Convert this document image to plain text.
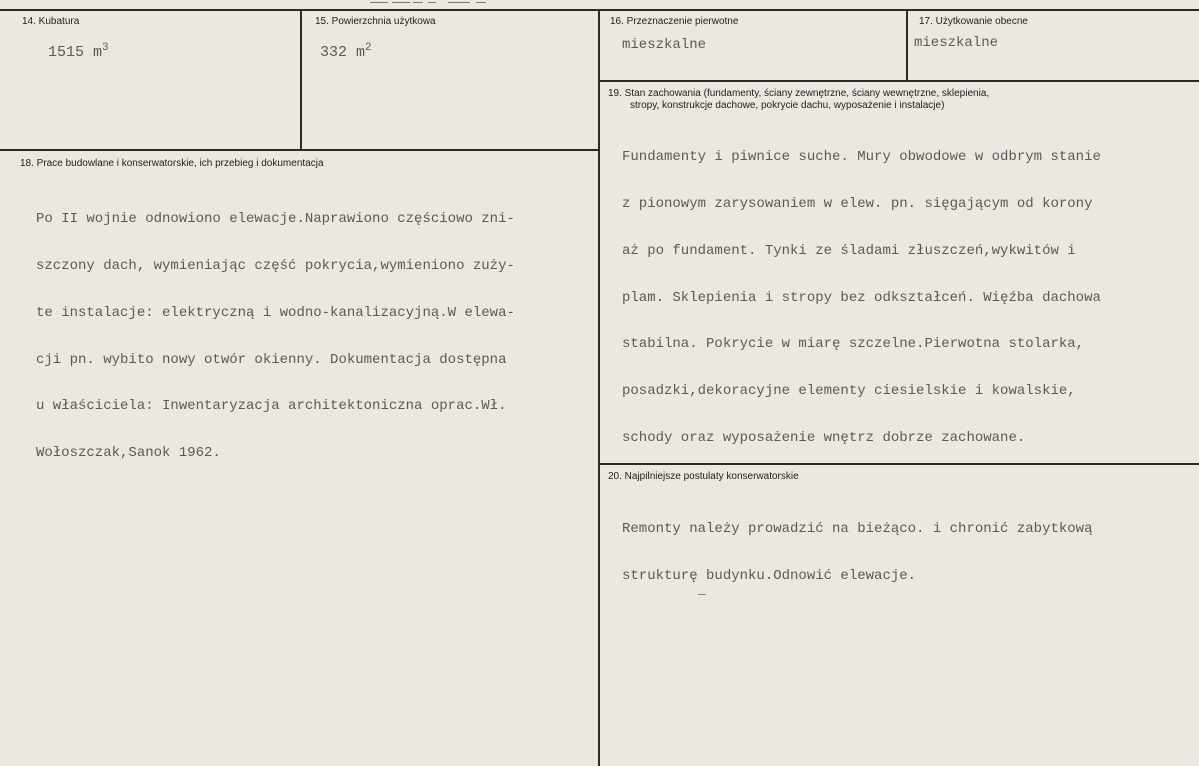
14. Kubatura
1515 $m^3$
15. Powierzchnia użytkowa
332 $m^2$
16. Przeznaczenie pierwotne
mieszkalne
17. Użytkowanie obecne
mieszkalne
19. Stan zachowania (fundamenty, ściany zewnętrzne, ściany wewnętrzne, sklepienia,
stropy, konstrukcje dachowe, pokrycie dachu, wyposażenie i instalacje)

Fundamenty i piwnice suche. Mury obwodowe w odbrym stanie

z pionowym zarysowaniem w elew. pn. sięgającym od korony

aż po fundament. Tynki ze śladami złuszczeń,wykwitów i

plam. Sklepienia i stropy bez odkształceń. Więźba dachowa

stabilna. Pokrycie w miarę szczelne.Pierwotna stolarka,

posadzki,dekoracyjne elementy ciesielskie i kowalskie,

schody oraz wyposażenie wnętrz dobrze zachowane.

18. Prace budowlane i konserwatorskie, ich przebieg i dokumentacja

Po II wojnie odnowiono elewacje.Naprawiono częściowo zni-

szczony dach, wymieniając część pokrycia,wymieniono zuży-

te instalacje: elektryczną i wodno-kanalizacyjną.W elewa-

cji pn. wybito nowy otwór okienny. Dokumentacja dostępna

u właściciela: Inwentaryzacja architektoniczna oprac.Wł.

Wołoszczak,Sanok 1962.

20. Najpilniejsze postulaty konserwatorskie

Remonty należy prowadzić na bieżąco. i chronić zabytkową

strukturę budynku.Odnowić elewacje.
